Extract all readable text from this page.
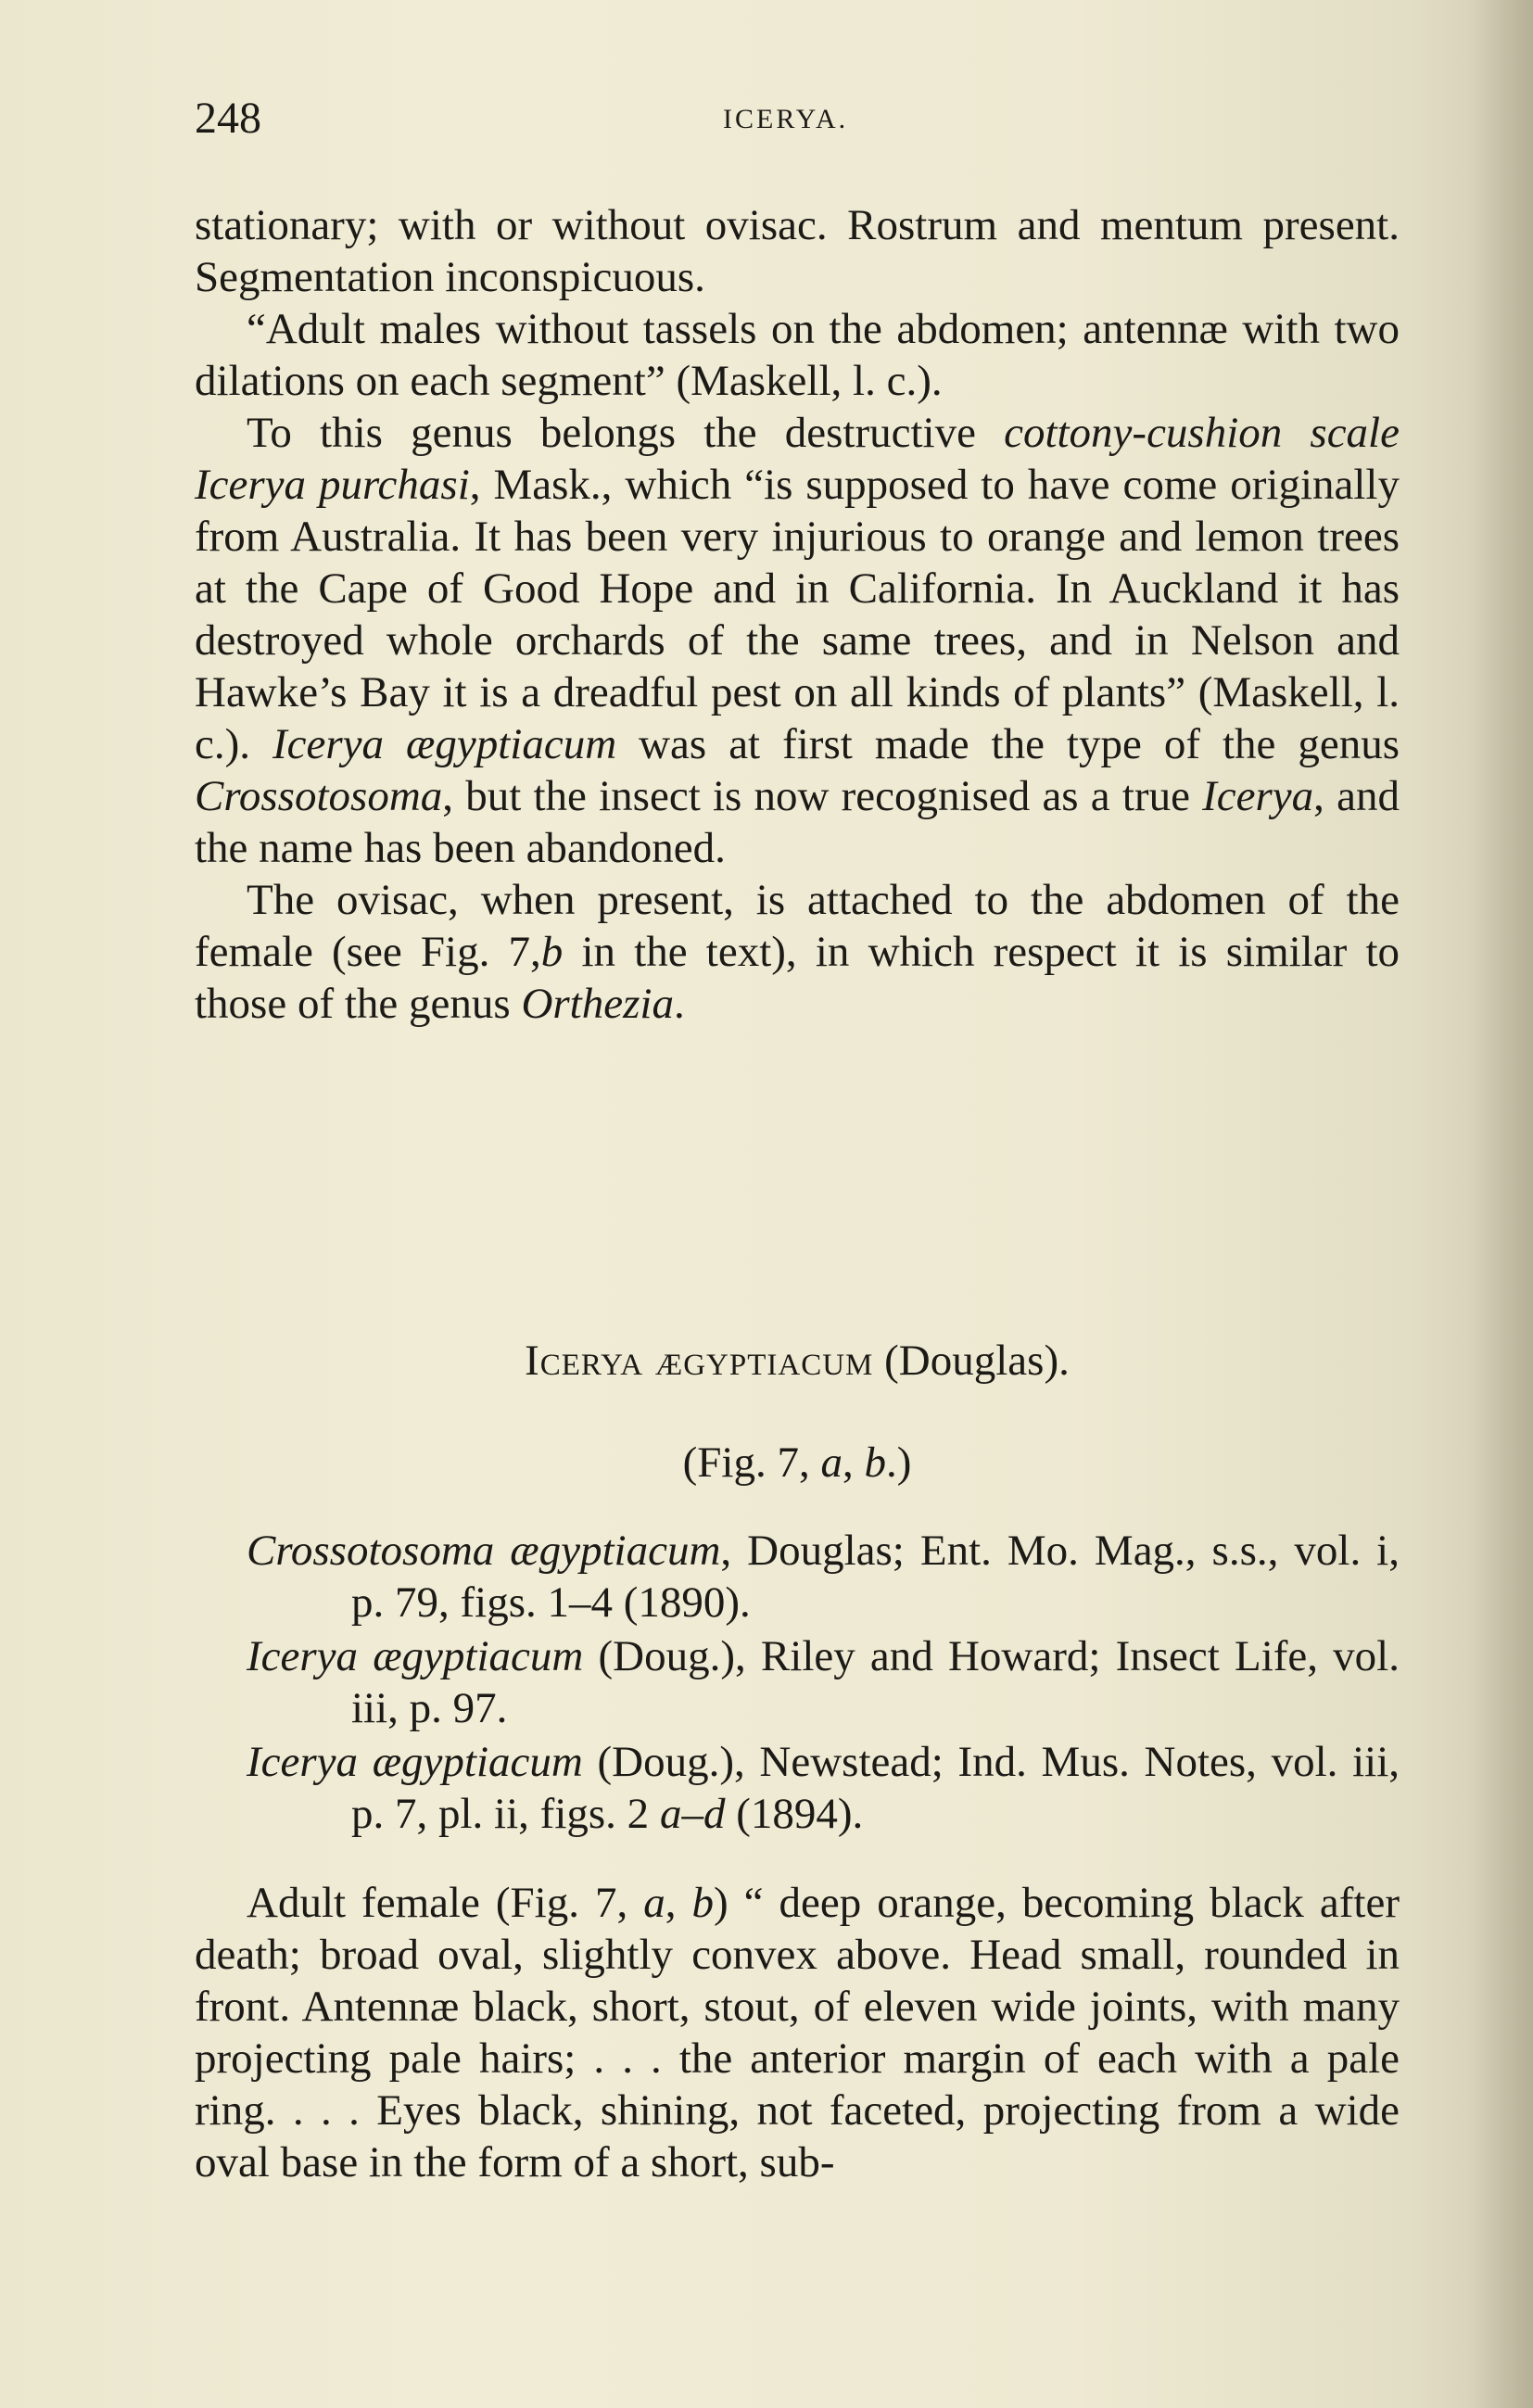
248	ICERYA.

stationary; with or without ovisac. Rostrum and mentum present. Segmentation inconspicuous.

“Adult males without tassels on the abdomen; antennæ with two dilations on each segment” (Maskell, l. c.).

To this genus belongs the destructive cottony-cushion scale Icerya purchasi, Mask., which “is supposed to have come originally from Australia. It has been very injurious to orange and lemon trees at the Cape of Good Hope and in California. In Auckland it has destroyed whole orchards of the same trees, and in Nelson and Hawke’s Bay it is a dreadful pest on all kinds of plants” (Maskell, l. c.). Icerya ægyptiacum was at first made the type of the genus Crossotosoma, but the insect is now recognised as a true Icerya, and the name has been abandoned.

The ovisac, when present, is attached to the abdomen of the female (see Fig. 7,b in the text), in which respect it is similar to those of the genus Orthezia.

Icerya ægyptiacum (Douglas).
(Fig. 7, a, b.)

Crossotosoma ægyptiacum, Douglas; Ent. Mo. Mag., s.s., vol. i, p. 79, figs. 1–4 (1890).

Icerya ægyptiacum (Doug.), Riley and Howard; Insect Life, vol. iii, p. 97.

Icerya ægyptiacum (Doug.), Newstead; Ind. Mus. Notes, vol. iii, p. 7, pl. ii, figs. 2 a–d (1894).

Adult female (Fig. 7, a, b) “ deep orange, becoming black after death; broad oval, slightly convex above. Head small, rounded in front. Antennæ black, short, stout, of eleven wide joints, with many projecting pale hairs; . . . the anterior margin of each with a pale ring. . . . Eyes black, shining, not faceted, projecting from a wide oval base in the form of a short, sub-
